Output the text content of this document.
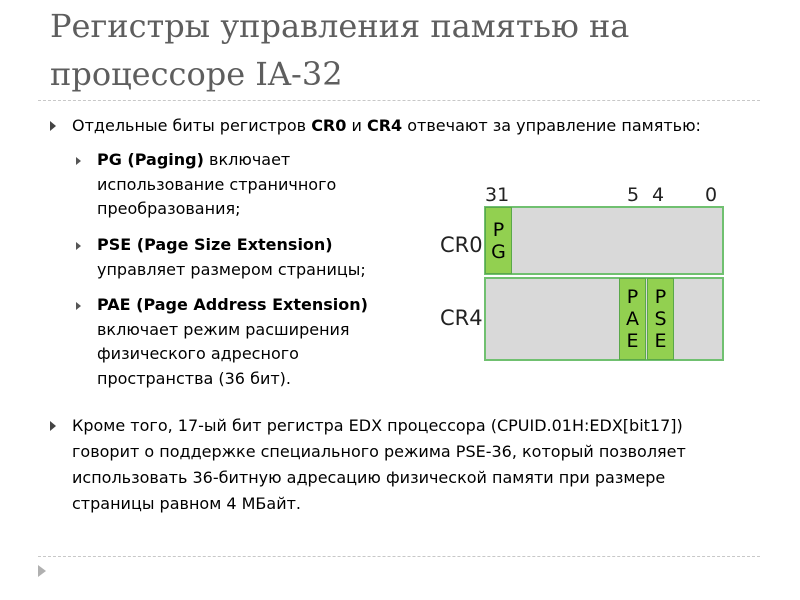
Регистры управления памятью на
процессоре IA-32
Отдельные биты регистров CR0 и CR4 отвечают за управление памятью:
PG (Paging) включает
использование страничного
преобразования;
PSE (Page Size Extension)
управляет размером страницы;
PAE (Page Address Extension)
включает режим расширения
физического адресного
пространства (36 бит).
31	5 4 0
CR0
P
G
CR4
P
A
E
P
S
E
Кроме того, 17-ый бит регистра EDX процессора (CPUID.01H:EDX[bit17])
говорит о поддержке специального режима PSE-36, который позволяет
использовать 36-битную адресацию физической памяти при размере
страницы равном 4 МБайт.
